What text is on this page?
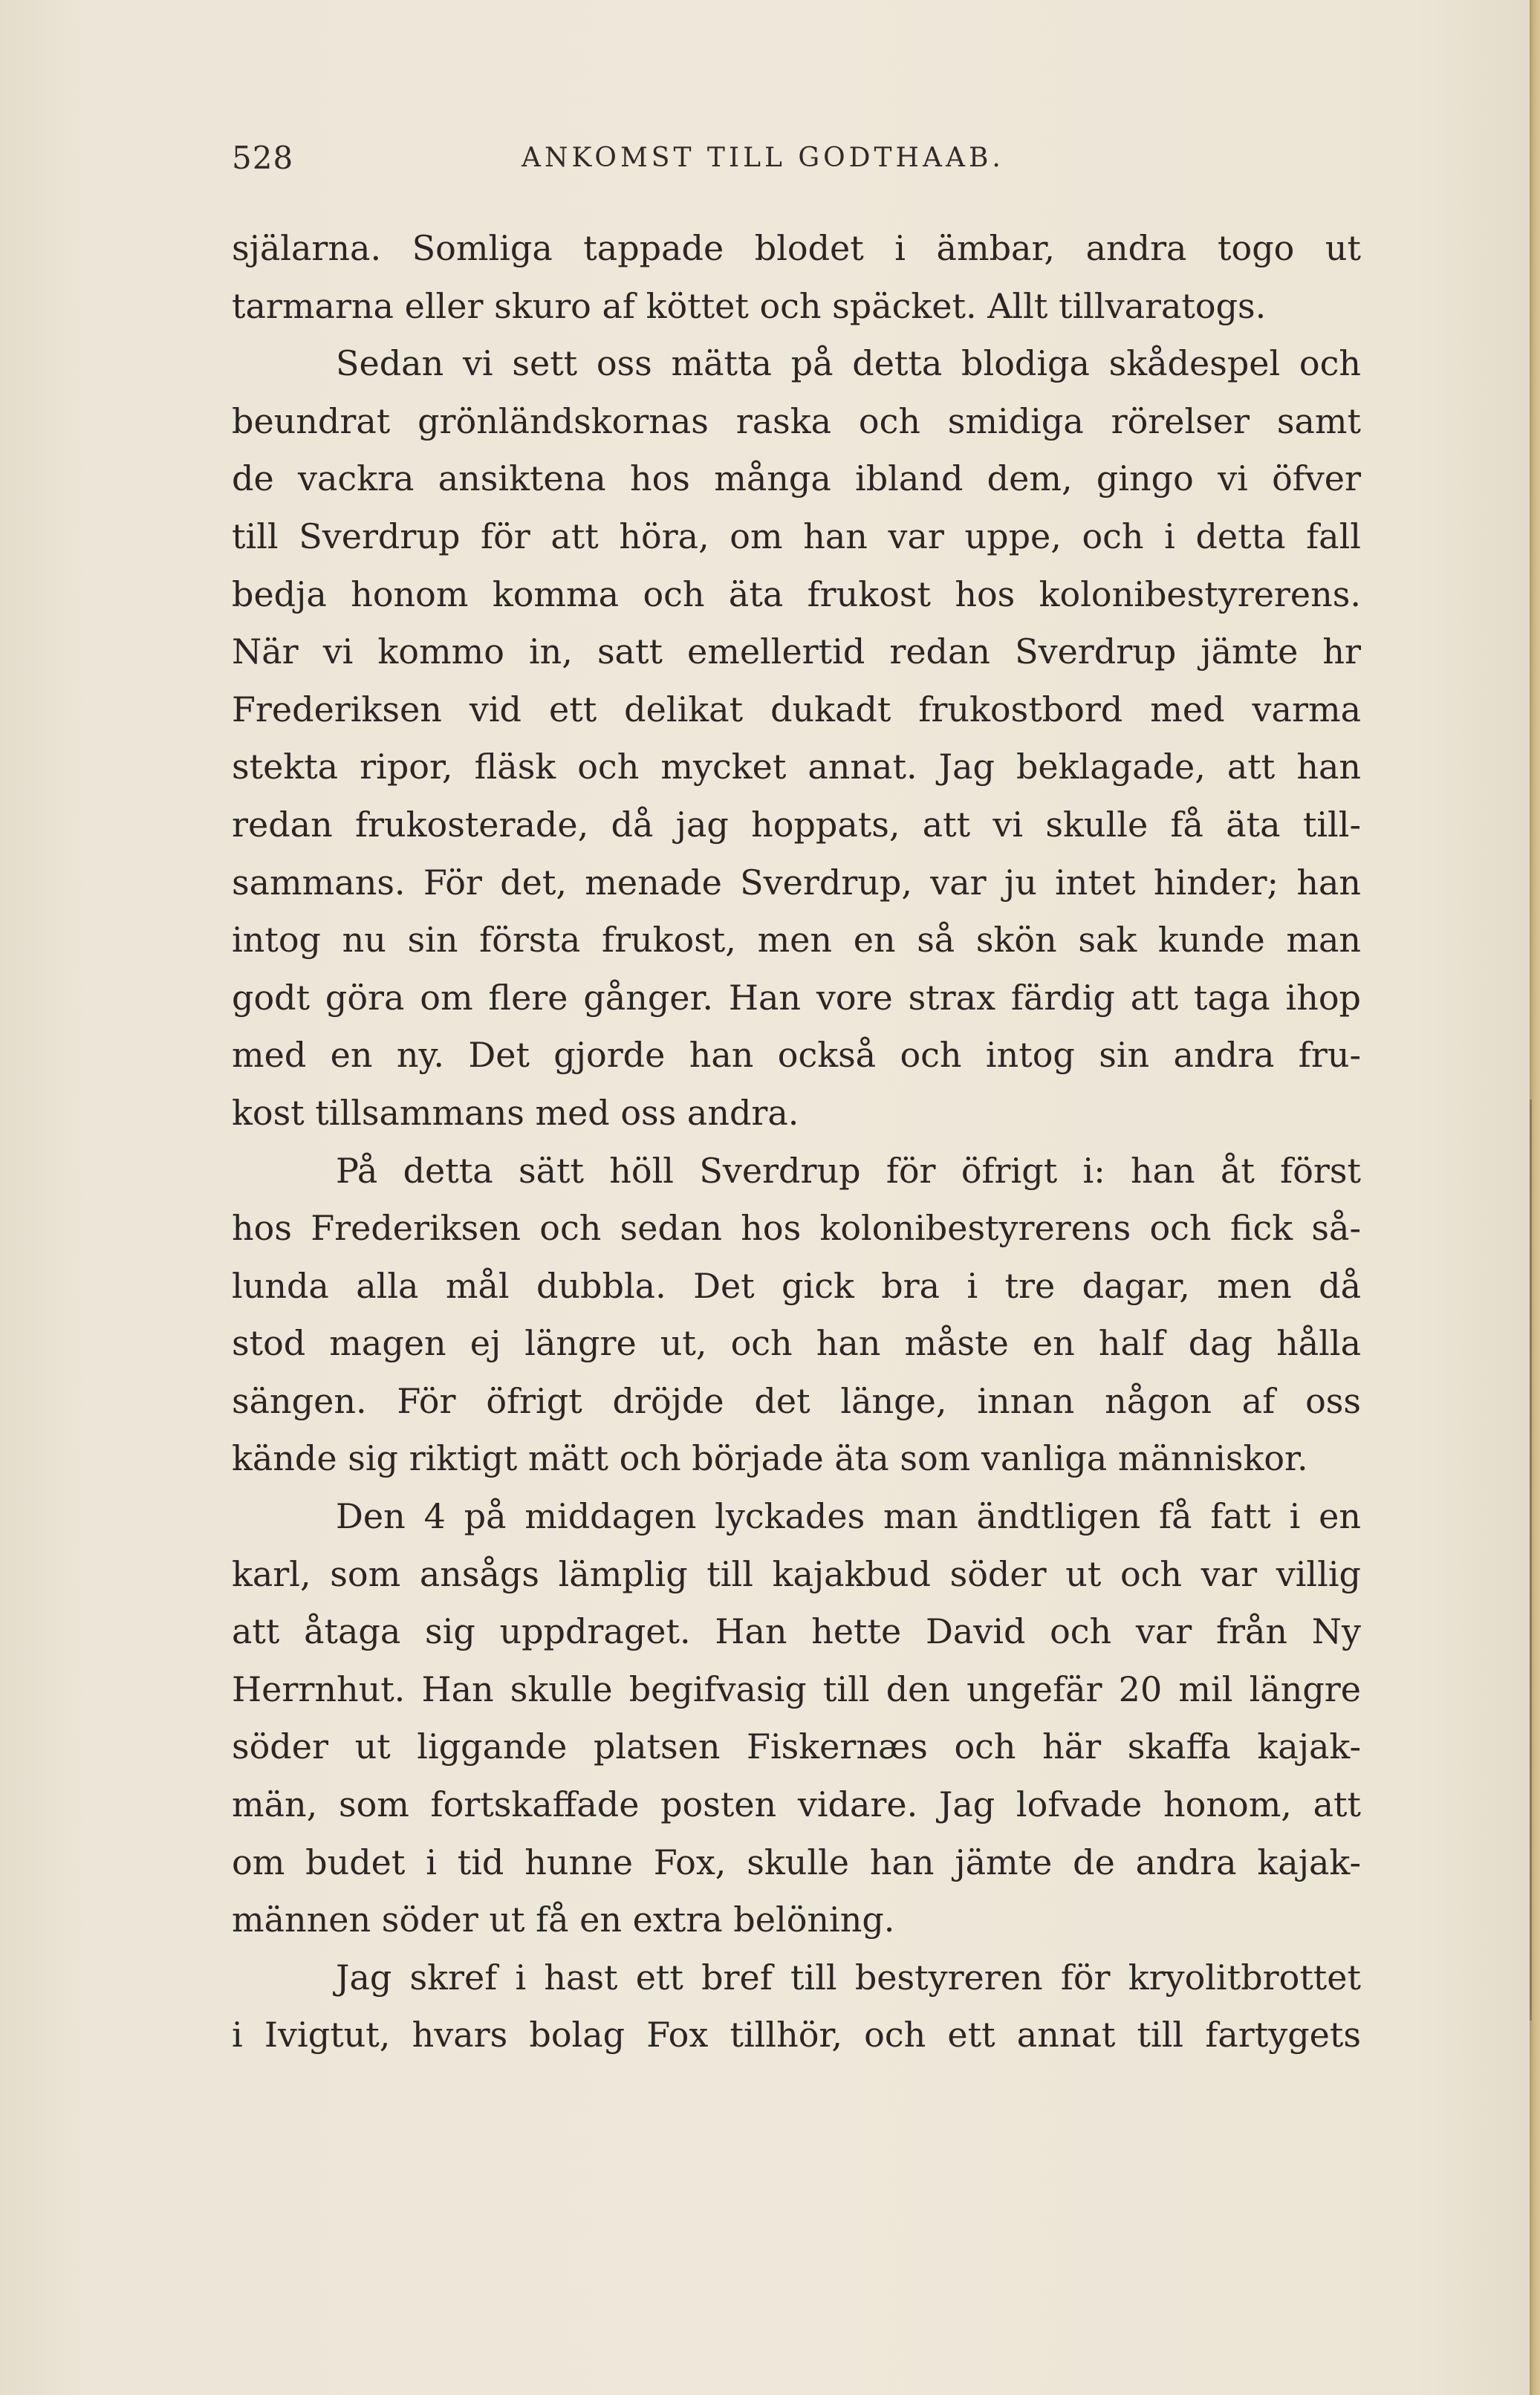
528	ANKOMST TILL GODTHAAB.
själarna. Somliga tappade blodet i ämbar, andra togo ut
tarmarna eller skuro af köttet och späcket. Allt tillvaratogs.
Sedan vi sett oss mätta på detta blodiga skådespel och
beundrat grönländskornas raska och smidiga rörelser samt
de vackra ansiktena hos många ibland dem, gingo vi öfver
till Sverdrup för att höra, om han var uppe, och i detta fall
bedja honom komma och äta frukost hos kolonibestyrerens.
När vi kommo in, satt emellertid redan Sverdrup jämte hr
Frederiksen vid ett delikat dukadt frukostbord med varma
stekta ripor, fläsk och mycket annat. Jag beklagade, att han
redan frukosterade, då jag hoppats, att vi skulle få äta till-
sammans. För det, menade Sverdrup, var ju intet hinder; han
intog nu sin första frukost, men en så skön sak kunde man
godt göra om flere gånger. Han vore strax färdig att taga ihop
med en ny. Det gjorde han också och intog sin andra fru-
kost tillsammans med oss andra.
På detta sätt höll Sverdrup för öfrigt i: han åt först
hos Frederiksen och sedan hos kolonibestyrerens och fick så-
lunda alla mål dubbla. Det gick bra i tre dagar, men då
stod magen ej längre ut, och han måste en half dag hålla
sängen. För öfrigt dröjde det länge, innan någon af oss
kände sig riktigt mätt och började äta som vanliga människor.
Den 4 på middagen lyckades man ändtligen få fatt i en
karl, som ansågs lämplig till kajakbud söder ut och var villig
att åtaga sig uppdraget. Han hette David och var från Ny
Herrnhut. Han skulle begifvasig till den ungefär 20 mil längre
söder ut liggande platsen Fiskernæs och här skaffa kajak-
män, som fortskaffade posten vidare. Jag lofvade honom, att
om budet i tid hunne Fox, skulle han jämte de andra kajak-
männen söder ut få en extra belöning.
Jag skref i hast ett bref till bestyreren för kryolitbrottet
i Ivigtut, hvars bolag Fox tillhör, och ett annat till fartygets
